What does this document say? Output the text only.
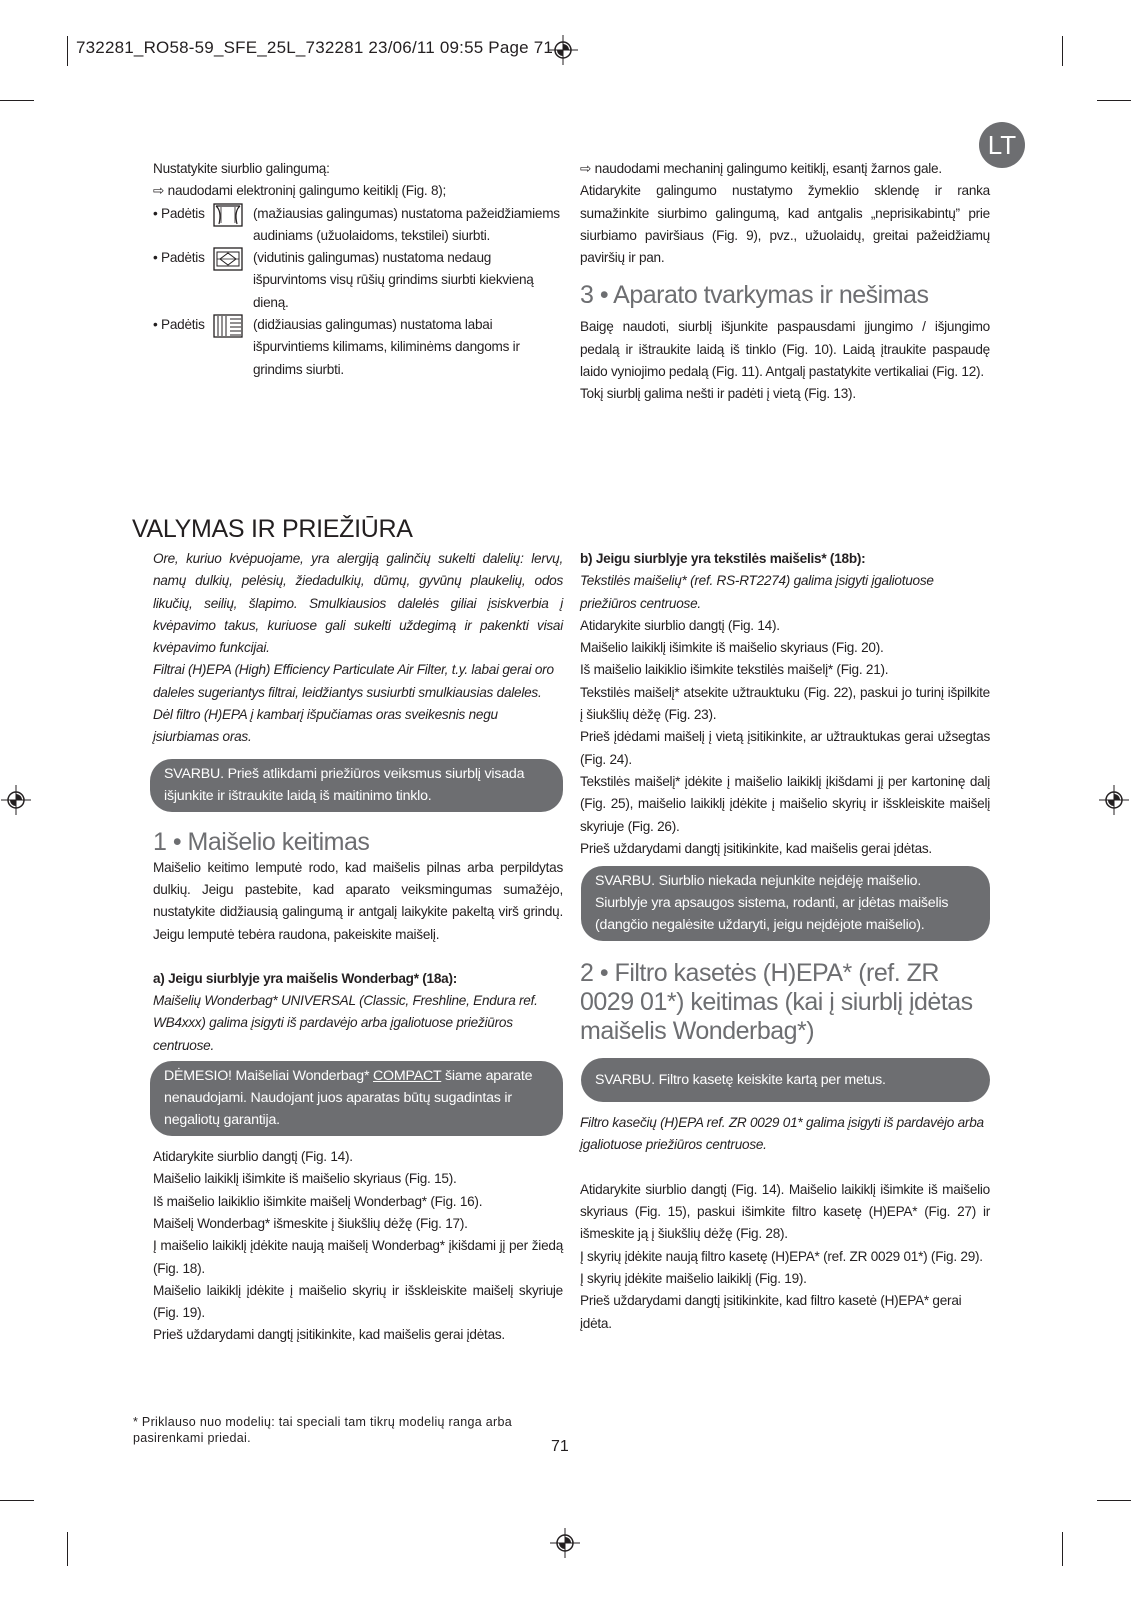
732281_RO58-59_SFE_25L_732281 23/06/11 09:55 Page 71
LT

Nustatykite siurblio galingumą:

⇨ naudodami elektroninį galingumo keitiklį (Fig. 8);

• Padėtis	(mažiausias galingumas) nustatoma pažeidžiamiems audiniams (užuolaidoms, tekstilei) siurbti.
• Padėtis	(vidutinis galingumas) nustatoma nedaug išpurvintoms visų rūšių grindims siurbti kiekvieną dieną.
• Padėtis	(didžiausias galingumas) nustatoma labai išpurvintiems kilimams, kiliminėms dangoms ir grindims siurbti.

⇨ naudodami mechaninį galingumo keitiklį, esantį žarnos gale.

Atidarykite galingumo nustatymo žymeklio sklendę ir ranka sumažinkite siurbimo galingumą, kad antgalis „neprisikabintų” prie siurbiamo paviršiaus (Fig. 9), pvz., užuolaidų, greitai pažeidžiamų paviršių ir pan.

3 • Aparato tvarkymas ir nešimas

Baigę naudoti, siurblį išjunkite paspausdami įjungimo / išjungimo pedalą ir ištraukite laidą iš tinklo (Fig. 10). Laidą įtraukite paspaudę laido vyniojimo pedalą (Fig. 11). Antgalį pastatykite vertikaliai (Fig. 12).

Tokį siurblį galima nešti ir padėti į vietą (Fig. 13).

VALYMAS IR PRIEŽIŪRA

Ore, kuriuo kvėpuojame, yra alergiją galinčių sukelti dalelių: lervų, namų dulkių, pelėsių, žiedadulkių, dūmų, gyvūnų plaukelių, odos likučių, seilių, šlapimo. Smulkiausios dalelės giliai įsiskverbia į kvėpavimo takus, kuriuose gali sukelti uždegimą ir pakenkti visai kvėpavimo funkcijai.

Filtrai (H)EPA (High) Efficiency Particulate Air Filter, t.y. labai gerai oro daleles sugeriantys filtrai, leidžiantys susiurbti smulkiausias daleles.

Dėl filtro (H)EPA į kambarį išpučiamas oras sveikesnis negu įsiurbiamas oras.

SVARBU. Prieš atlikdami priežiūros veiksmus siurblį visada išjunkite ir ištraukite laidą iš maitinimo tinklo.

1 • Maišelio keitimas

Maišelio keitimo lemputė rodo, kad maišelis pilnas arba perpildytas dulkių. Jeigu pastebite, kad aparato veiksmingumas sumažėjo, nustatykite didžiausią galingumą ir antgalį laikykite pakeltą virš grindų. Jeigu lemputė tebėra raudona, pakeiskite maišelį.

a) Jeigu siurblyje yra maišelis Wonderbag* (18a):

Maišelių Wonderbag* UNIVERSAL (Classic, Freshline, Endura ref. WB4xxx) galima įsigyti iš pardavėjo arba įgaliotuose priežiūros centruose.

DĖMESIO! Maišeliai Wonderbag* COMPACT šiame aparate nenaudojami. Naudojant juos aparatas būtų sugadintas ir negaliotų garantija.

Atidarykite siurblio dangtį (Fig. 14).

Maišelio laikiklį išimkite iš maišelio skyriaus (Fig. 15).

Iš maišelio laikiklio išimkite maišelį Wonderbag* (Fig. 16).

Maišelį Wonderbag* išmeskite į šiukšlių dėžę (Fig. 17).

Į maišelio laikiklį įdėkite naują maišelį Wonderbag* įkišdami jį per žiedą (Fig. 18).

Maišelio laikiklį įdėkite į maišelio skyrių ir išskleiskite maišelį skyriuje (Fig. 19).

Prieš uždarydami dangtį įsitikinkite, kad maišelis gerai įdėtas.

b) Jeigu siurblyje yra tekstilės maišelis* (18b):

Tekstilės maišelių* (ref. RS-RT2274) galima įsigyti įgaliotuose priežiūros centruose.

Atidarykite siurblio dangtį (Fig. 14).

Maišelio laikiklį išimkite iš maišelio skyriaus (Fig. 20).

Iš maišelio laikiklio išimkite tekstilės maišelį* (Fig. 21).

Tekstilės maišelį* atsekite užtrauktuku (Fig. 22), paskui jo turinį išpilkite į šiukšlių dėžę (Fig. 23).

Prieš įdėdami maišelį į vietą įsitikinkite, ar užtrauktukas gerai užsegtas (Fig. 24).

Tekstilės maišelį* įdėkite į maišelio laikiklį įkišdami jį per kartoninę dalį (Fig. 25), maišelio laikiklį įdėkite į maišelio skyrių ir išskleiskite maišelį skyriuje (Fig. 26).

Prieš uždarydami dangtį įsitikinkite, kad maišelis gerai įdėtas.

SVARBU. Siurblio niekada nejunkite neįdėję maišelio. Siurblyje yra apsaugos sistema, rodanti, ar įdėtas maišelis (dangčio negalėsite uždaryti, jeigu neįdėjote maišelio).

2 • Filtro kasetės (H)EPA* (ref. ZR 0029 01*) keitimas (kai į siurblį įdėtas maišelis Wonderbag*)

SVARBU. Filtro kasetę keiskite kartą per metus.

Filtro kasečių (H)EPA ref. ZR 0029 01* galima įsigyti iš pardavėjo arba įgaliotuose priežiūros centruose.

Atidarykite siurblio dangtį (Fig. 14). Maišelio laikiklį išimkite iš maišelio skyriaus (Fig. 15), paskui išimkite filtro kasetę (H)EPA* (Fig. 27) ir išmeskite ją į šiukšlių dėžę (Fig. 28).

Į skyrių įdėkite naują filtro kasetę (H)EPA* (ref. ZR 0029 01*) (Fig. 29).

Į skyrių įdėkite maišelio laikiklį (Fig. 19).

Prieš uždarydami dangtį įsitikinkite, kad filtro kasetė (H)EPA* gerai įdėta.

* Priklauso nuo modelių: tai speciali tam tikrų modelių ranga arba pasirenkami priedai.	71
